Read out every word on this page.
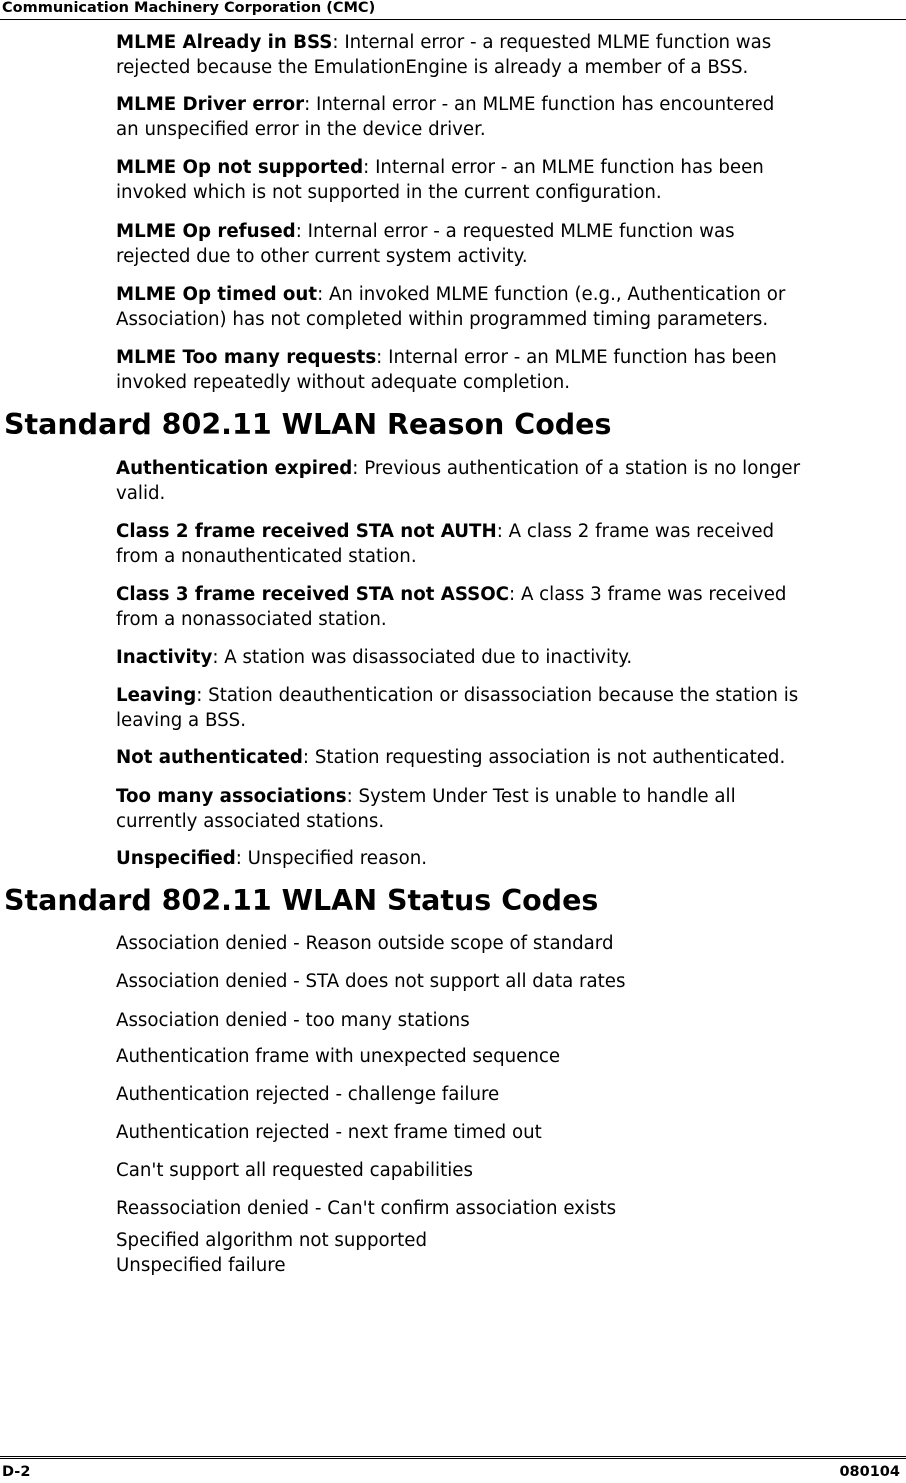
Communication Machinery Corporation (CMC)
MLME Already in BSS: Internal error - a requested MLME function was
rejected because the EmulationEngine is already a member of a BSS.
MLME Driver error: Internal error - an MLME function has encountered
an unspecified error in the device driver.
MLME Op not supported: Internal error - an MLME function has been
invoked which is not supported in the current configuration.
MLME Op refused: Internal error - a requested MLME function was
rejected due to other current system activity.
MLME Op timed out: An invoked MLME function (e.g., Authentication or
Association) has not completed within programmed timing parameters.
MLME Too many requests: Internal error - an MLME function has been
invoked repeatedly without adequate completion.
Standard 802.11 WLAN Reason Codes
Authentication expired: Previous authentication of a station is no longer
valid.
Class 2 frame received STA not AUTH: A class 2 frame was received
from a nonauthenticated station.
Class 3 frame received STA not ASSOC: A class 3 frame was received
from a nonassociated station.
Inactivity: A station was disassociated due to inactivity.
Leaving: Station deauthentication or disassociation because the station is
leaving a BSS.
Not authenticated: Station requesting association is not authenticated.
Too many associations: System Under Test is unable to handle all
currently associated stations.
Unspecified: Unspecified reason.
Standard 802.11 WLAN Status Codes
Association denied - Reason outside scope of standard
Association denied - STA does not support all data rates
Association denied - too many stations
Authentication frame with unexpected sequence
Authentication rejected - challenge failure
Authentication rejected - next frame timed out
Can't support all requested capabilities
Reassociation denied - Can't confirm association exists
Specified algorithm not supported
Unspecified failure
D-2	080104
